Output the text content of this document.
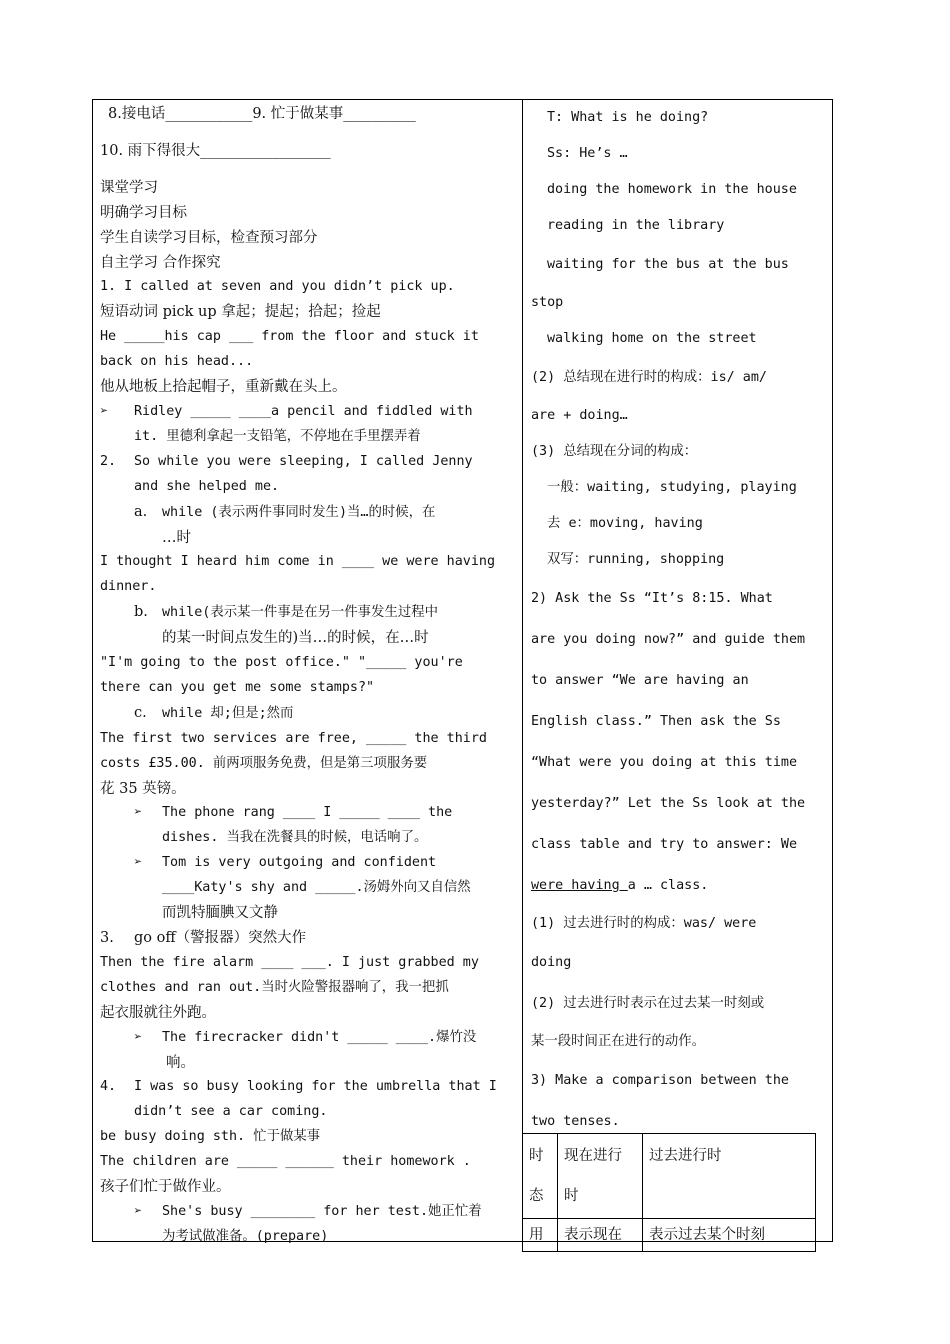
8.接电话____________9. 忙于做某事__________
10. 雨下得很大__________________
课堂学习
明确学习目标
学生自读学习目标，检查预习部分
自主学习 合作探究
1. I called at seven and you didn’t pick up.
短语动词 pick up 拿起；提起；拾起；捡起
He _____his cap ___ from the floor and stuck it
back on his head...
他从地板上拾起帽子，重新戴在头上。
➢ Ridley _____ ____a pencil and fiddled with
it. 里德利拿起一支铅笔，不停地在手里摆弄着
2. So while you were sleeping, I called Jenny
and she helped me.
a. while (表示两件事同时发生)当…的时候，在
…时
I thought I heard him come in ____ we were having
dinner.
b. while(表示某一件事是在另一件事发生过程中
的某一时间点发生的)当…的时候，在…时
"I'm going to the post office." "_____ you're
there can you get me some stamps?"
c. while 却;但是;然而
The first two services are free, _____ the third
costs £35.00. 前两项服务免费，但是第三项服务要
花 35 英镑。
➢ The phone rang ____ I _____ ____ the
dishes. 当我在洗餐具的时候，电话响了。
➢ Tom is very outgoing and confident
____Katy's shy and _____.汤姆外向又自信然
而凯特腼腆又文静
3. go off（警报器）突然大作
Then the fire alarm ____ ___. I just grabbed my
clothes and ran out.当时火险警报器响了，我一把抓
起衣服就往外跑。
➢ The firecracker didn't _____ ____.爆竹没
响。
4. I was so busy looking for the umbrella that I
didn’t see a car coming.
be busy doing sth. 忙于做某事
The children are _____ ______ their homework .
孩子们忙于做作业。
➢ She's busy ________ for her test.她正忙着
为考试做准备。(prepare)
T: What is he doing?
Ss: He’s …
doing the homework in the house
reading in the library
waiting for the bus at the bus
stop
walking home on the street
(2) 总结现在进行时的构成：is/ am/
are + doing…
(3) 总结现在分词的构成：
一般：waiting, studying, playing
去 e：moving, having
双写：running, shopping
2) Ask the Ss “It’s 8:15. What
are you doing now?” and guide them
to answer “We are having an
English class.” Then ask the Ss
“What were you doing at this time
yesterday?” Let the Ss look at the
class table and try to answer: We
were having a … class.
(1) 过去进行时的构成：was/ were
doing
(2) 过去进行时表示在过去某一时刻或
某一段时间正在进行的动作。
3) Make a comparison between the
two tenses.
时态	现在进行时	过去进行时
用	表示现在	表示过去某个时刻
